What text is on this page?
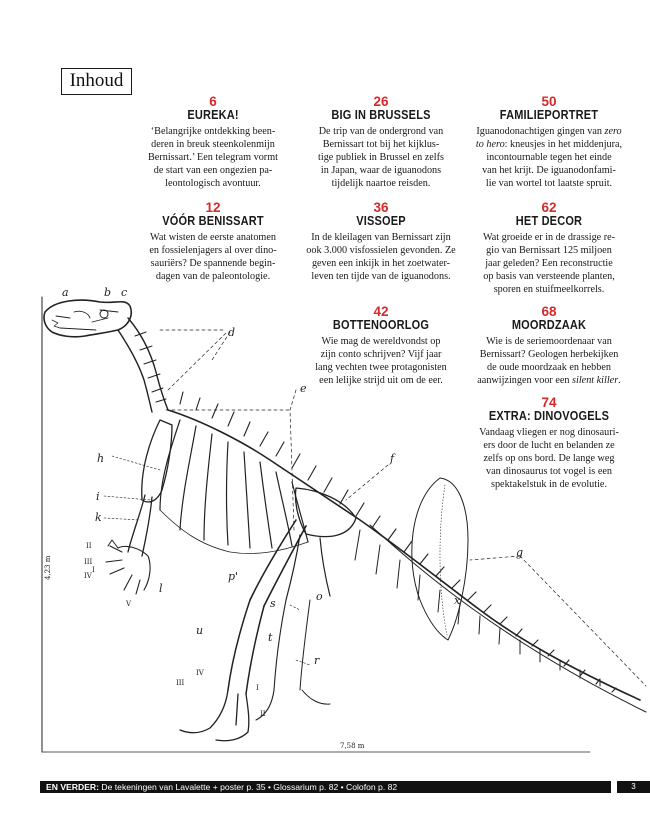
Inhoud
6
EUREKA!
‘Belangrijke ontdekking been-
deren in breuk steenkolenmijn
Bernissart.’ Een telegram vormt
de start van een ongezien pa-
leontologisch avontuur.
12
VÓÓR BENISSART
Wat wisten de eerste anatomen
en fossielenjagers al over dino-
sauriërs? De spannende begin-
dagen van de paleontologie.
26
BIG IN BRUSSELS
De trip van de ondergrond van
Bernissart tot bij het kijklus-
tige publiek in Brussel en zelfs
in Japan, waar de iguanodons
tijdelijk naartoe reisden.
36
VISSOEP
In de kleilagen van Bernissart zijn
ook 3.000 visfossielen gevonden. Ze
geven een inkijk in het zoetwater-
leven ten tijde van de iguanodons.
42
BOTTENOORLOG
Wie mag de wereldvondst op
zijn conto schrijven? Vijf jaar
lang vechten twee protagonisten
een lelijke strijd uit om de eer.
50
FAMILIEPORTRET
Iguanodonachtigen gingen van zero
to hero: kneusjes in het middenjura,
incontournable tegen het einde
van het krijt. De iguanodonfami-
lie van wortel tot laatste spruit.
62
HET DECOR
Wat groeide er in de drassige re-
gio van Bernissart 125 miljoen
jaar geleden? Een reconstructie
op basis van versteende planten,
sporen en stuifmeelkorrels.
68
MOORDZAAK
Wie is de seriemoordenaar van
Bernissart? Geologen herbekijken
de oude moordzaak en hebben
aanwijzingen voor een silent killer.
74
EXTRA: DINOVOGELS
Vandaag vliegen er nog dinosauri-
ers door de lucht en belanden ze
zelfs op ons bord. De lange weg
van dinosaurus tot vogel is een
spektakelstuk in de evolutie.
a	b c
d
e
f
g
h
i
k
l
p'
o
r
s
u
t
x
II
III
IV
V
I
III
IV
I
II
4,23 m
7,58 m
EN VERDER: De tekeningen van Lavalette + poster p. 35 • Glossarium p. 82 • Colofon p. 82	3
